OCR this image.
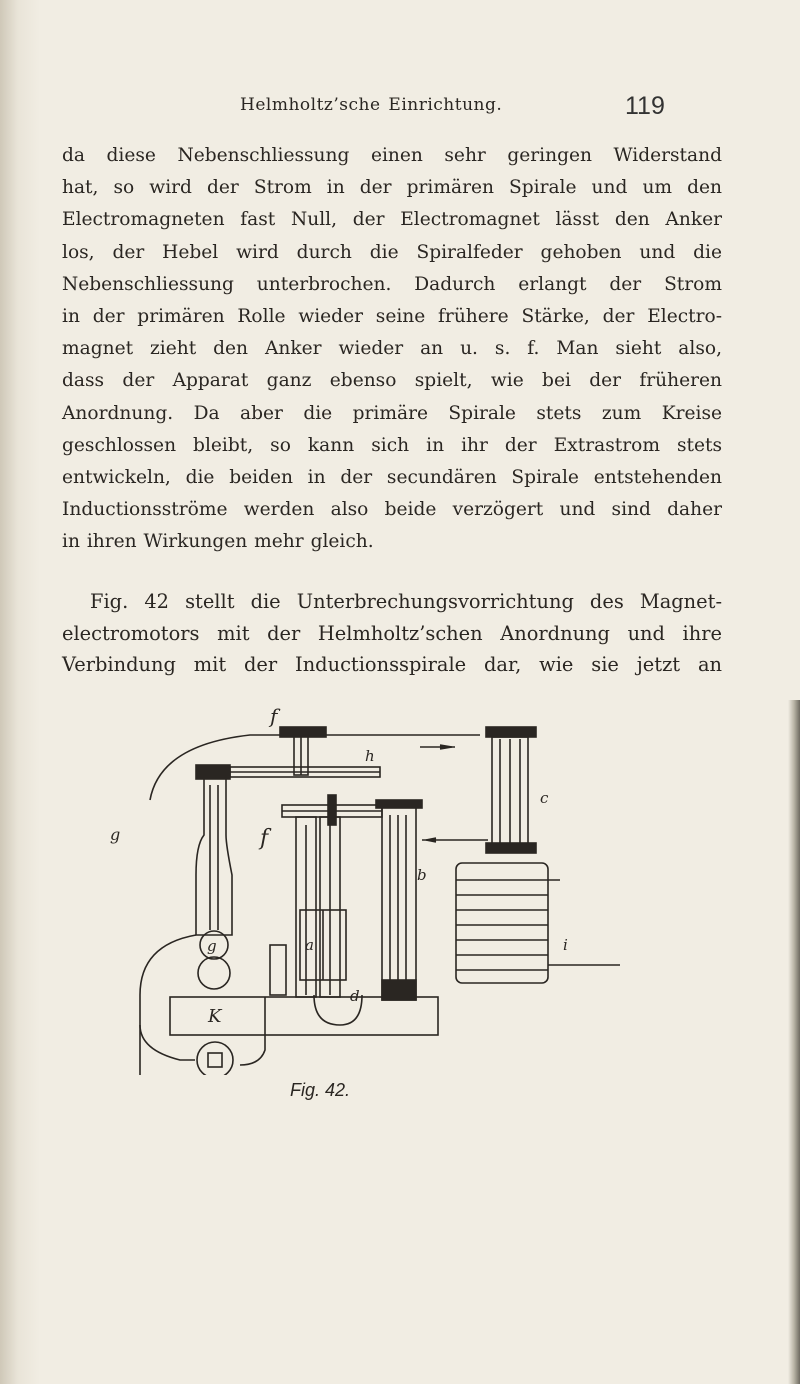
Helmholtz’sche Einrichtung.	119
da diese Nebenschliessung einen sehr geringen Widerstand
hat, so wird der Strom in der primären Spirale und um den
Electromagneten fast Null, der Electromagnet lässt den Anker
los, der Hebel wird durch die Spiralfeder gehoben und die
Nebenschliessung unterbrochen. Dadurch erlangt der Strom
in der primären Rolle wieder seine frühere Stärke, der Electro-
magnet zieht den Anker wieder an u. s. f. Man sieht also,
dass der Apparat ganz ebenso spielt, wie bei der früheren
Anordnung. Da aber die primäre Spirale stets zum Kreise
geschlossen bleibt, so kann sich in ihr der Extrastrom stets
entwickeln, die beiden in der secundären Spirale entstehenden
Inductionsströme werden also beide verzögert und sind daher
in ihren Wirkungen mehr gleich.
Fig. 42 stellt die Unterbrechungsvorrichtung des Magnet-
electromotors mit der Helmholtz’schen Anordnung und ihre
Verbindung mit der Inductionsspirale dar, wie sie jetzt an
f
g
h
c
f
a
b
g	i
d
K
Fig. 42.
